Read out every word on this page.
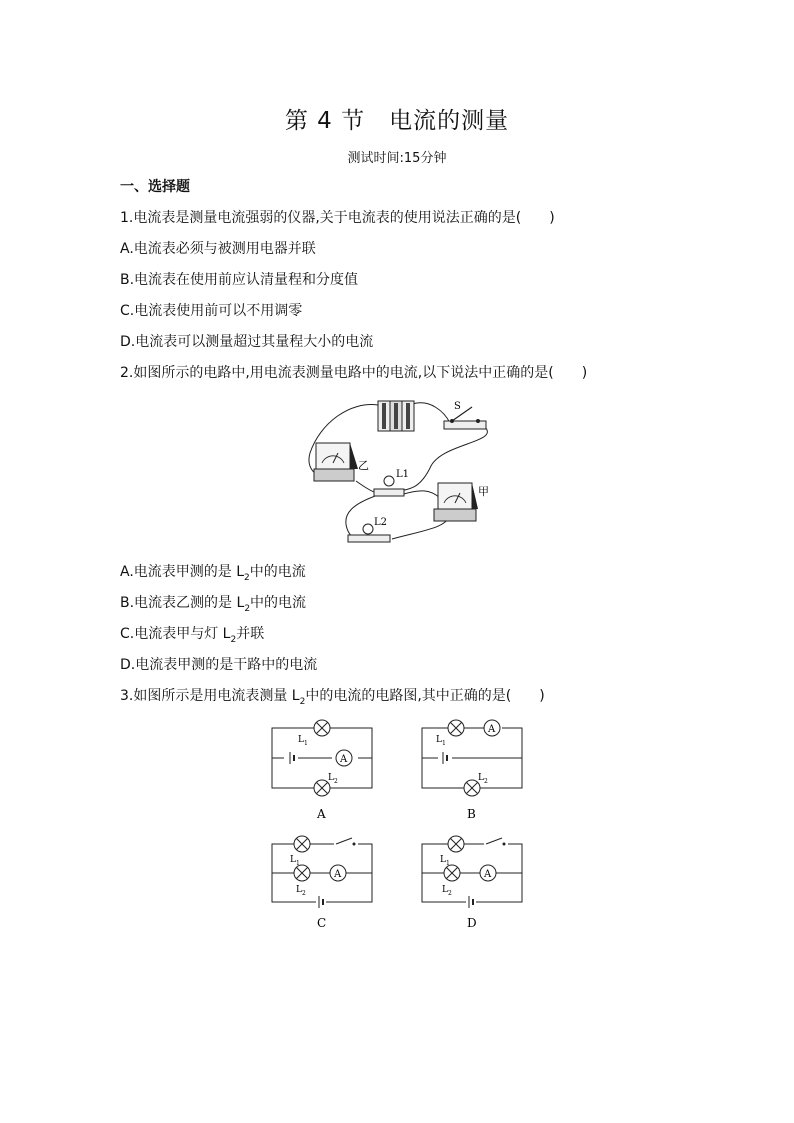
第 4 节　电流的测量
测试时间:15分钟
一、选择题
1.电流表是测量电流强弱的仪器,关于电流表的使用说法正确的是(　　)
A.电流表必须与被测用电器并联
B.电流表在使用前应认清量程和分度值
C.电流表使用前可以不用调零
D.电流表可以测量超过其量程大小的电流
2.如图所示的电路中,用电流表测量电路中的电流,以下说法中正确的是(　　)
S
乙
L1
甲
L2
A.电流表甲测的是 $L_2$中的电流
B.电流表乙测的是 $L_2$中的电流
C.电流表甲与灯 $L_2$并联
D.电流表甲测的是干路中的电流
3.如图所示是用电流表测量 $L_2$中的电流的电路图,其中正确的是(　　)
A
L 1
L 2
A
A
L 1
L 2
B
A
L 1
L 2
C
A
L 1
L 2
D
